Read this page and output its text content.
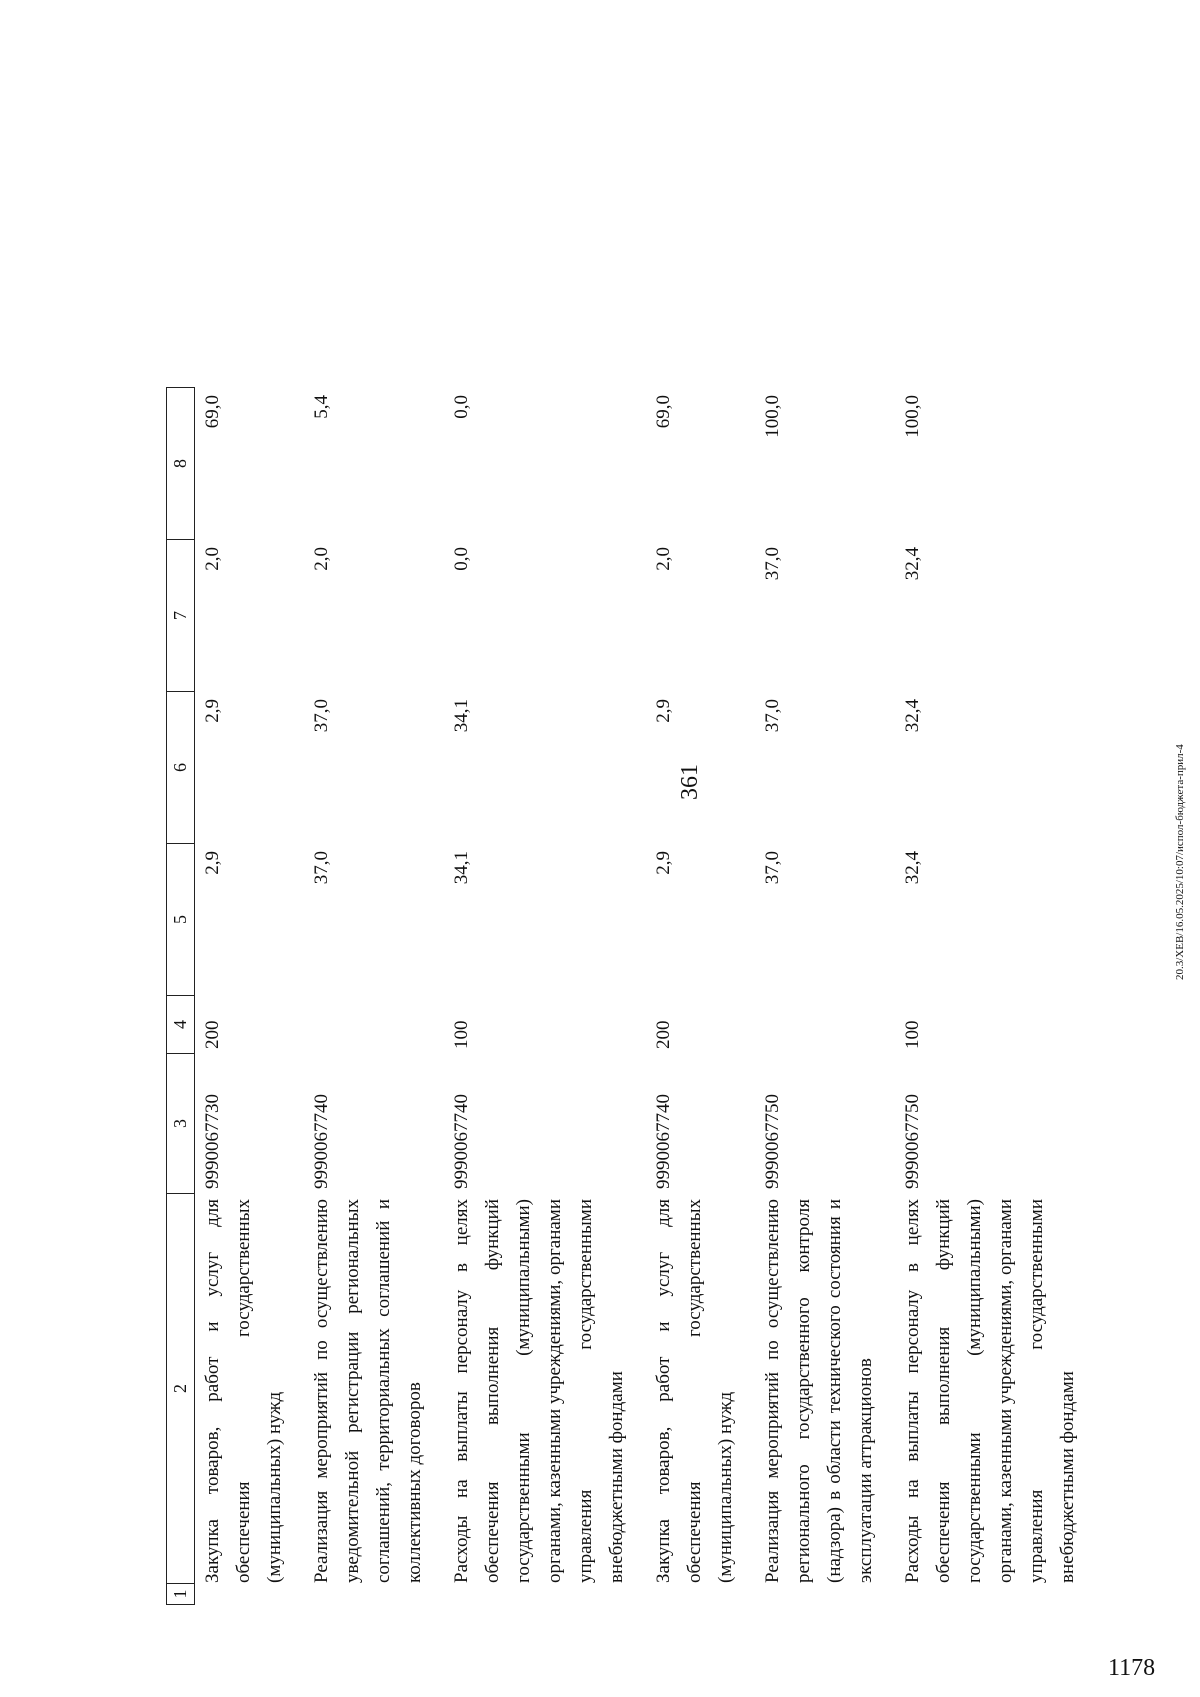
361
1
2
3
4
5
6
7
8
Закупка товаров, работ и услуг для обеспечения государственных (муниципальных) нужд
9990067730
200
2,9
2,9
2,0
69,0
Реализация мероприятий по осуществлению уведомительной регистрации региональных соглашений, территориальных соглашений и коллективных договоров
9990067740
37,0
37,0
2,0
5,4
Расходы на выплаты персоналу в целях обеспечения выполнения функций государственными (муниципальными) органами, казенными учреждениями, органами управления государственными внебюджетными фондами
9990067740
100
34,1
34,1
0,0
0,0
Закупка товаров, работ и услуг для обеспечения государственных (муниципальных) нужд
9990067740
200
2,9
2,9
2,0
69,0
Реализация мероприятий по осуществлению регионального государственного контроля (надзора) в области технического состояния и эксплуатации аттракционов
9990067750
37,0
37,0
37,0
100,0
Расходы на выплаты персоналу в целях обеспечения выполнения функций государственными (муниципальными) органами, казенными учреждениями, органами управления государственными внебюджетными фондами
9990067750
100
32,4
32,4
32,4
100,0
20.3/XEB/16.05.2025/10:07/испол-бюджета-прил-4
1178
